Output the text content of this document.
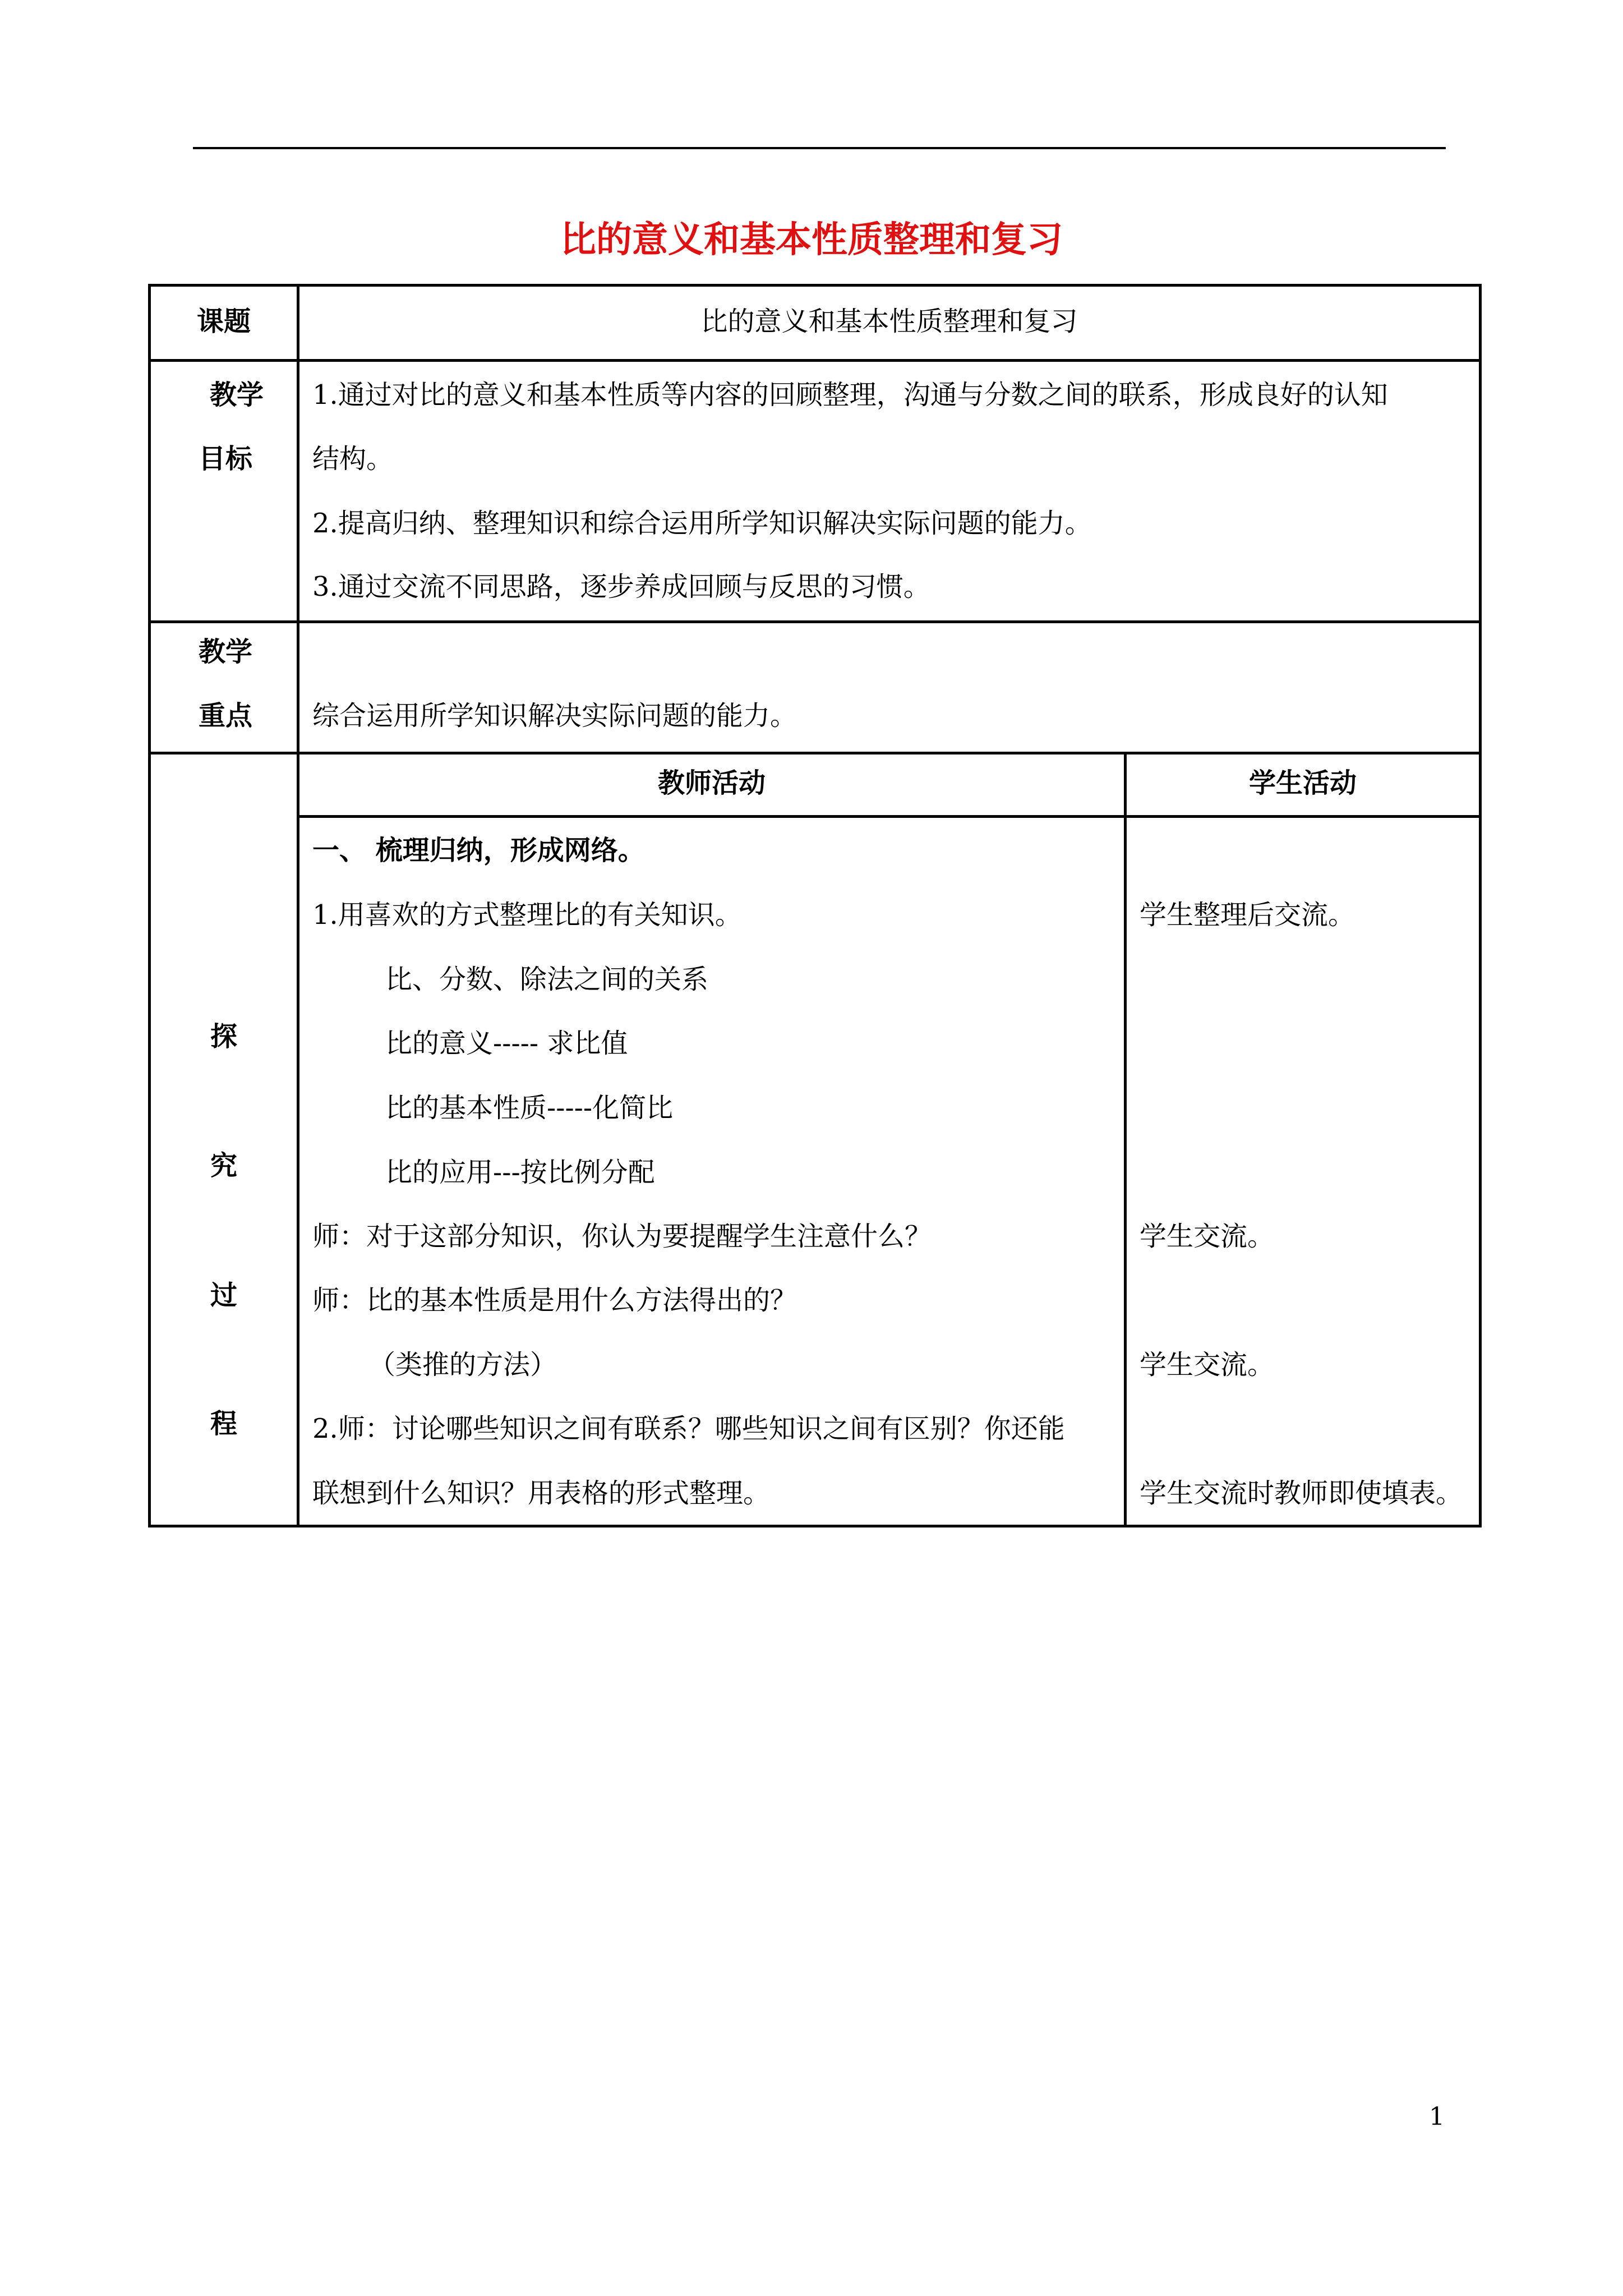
比的意义和基本性质整理和复习
课题	比的意义和基本性质整理和复习
教学
目标
1.通过对比的意义和基本性质等内容的回顾整理，沟通与分数之间的联系，形成良好的认知
结构。
2.提高归纳、整理知识和综合运用所学知识解决实际问题的能力。
3.通过交流不同思路，逐步养成回顾与反思的习惯。
教学
重点 综合运用所学知识解决实际问题的能力。
探
究
过
程
教师活动	学生活动
一、 梳理归纳，形成网络。
1.用喜欢的方式整理比的有关知识。
比、分数、除法之间的关系
比的意义----- 求比值
比的基本性质-----化简比
比的应用---按比例分配
师：对于这部分知识，你认为要提醒学生注意什么？
师：比的基本性质是用什么方法得出的？
（类推的方法）
2.师：讨论哪些知识之间有联系？哪些知识之间有区别？你还能
联想到什么知识？用表格的形式整理。
学生整理后交流。
学生交流。
学生交流。
学生交流时教师即使填表。
1
